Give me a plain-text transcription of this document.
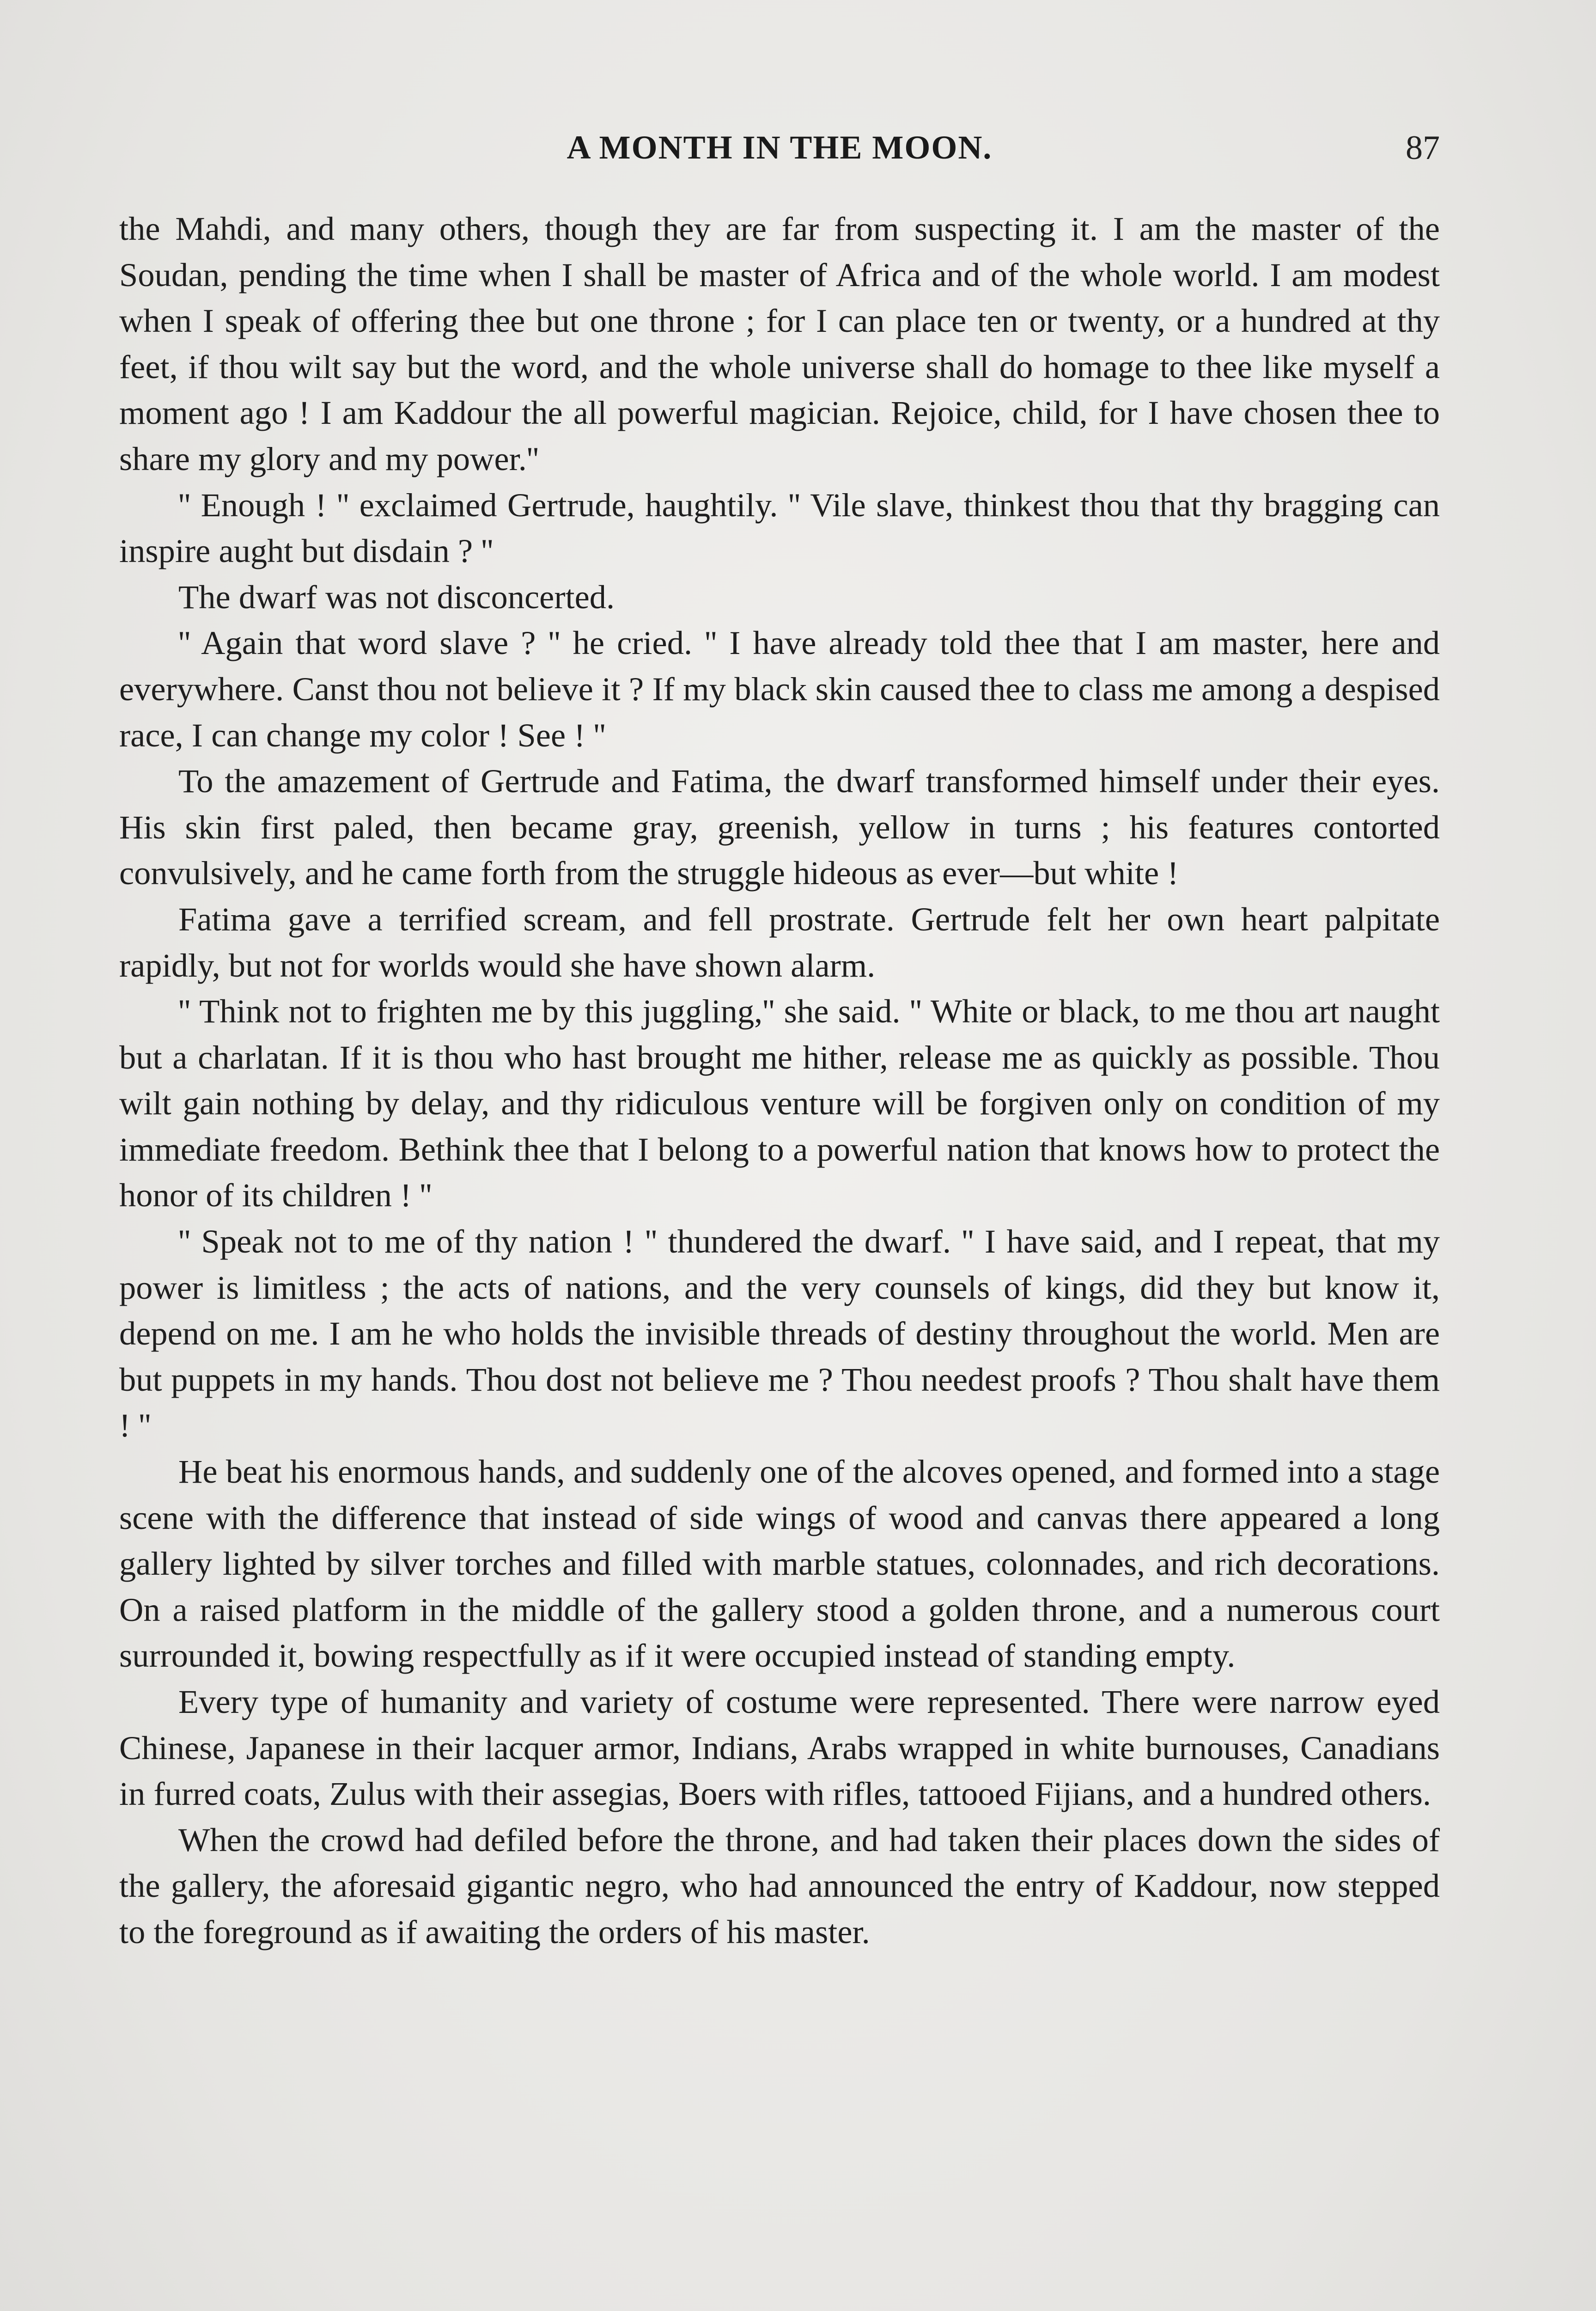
A MONTH IN THE MOON.	87

the Mahdi, and many others, though they are far from suspecting it. I am the master of the Soudan, pending the time when I shall be master of Africa and of the whole world. I am modest when I speak of offering thee but one throne ; for I can place ten or twenty, or a hundred at thy feet, if thou wilt say but the word, and the whole universe shall do homage to thee like myself a moment ago ! I am Kaddour the all powerful magician. Rejoice, child, for I have chosen thee to share my glory and my power.''

'' Enough ! '' exclaimed Gertrude, haughtily. '' Vile slave, thinkest thou that thy bragging can inspire aught but disdain ? ''

The dwarf was not disconcerted.

'' Again that word slave ? '' he cried. '' I have already told thee that I am master, here and everywhere. Canst thou not believe it ? If my black skin caused thee to class me among a despised race, I can change my color ! See ! ''

To the amazement of Gertrude and Fatima, the dwarf transformed himself under their eyes. His skin first paled, then became gray, greenish, yellow in turns ; his features contorted convulsively, and he came forth from the struggle hideous as ever—but white !

Fatima gave a terrified scream, and fell prostrate. Gertrude felt her own heart palpitate rapidly, but not for worlds would she have shown alarm.

'' Think not to frighten me by this juggling,'' she said. '' White or black, to me thou art naught but a charlatan. If it is thou who hast brought me hither, release me as quickly as possible. Thou wilt gain nothing by delay, and thy ridiculous venture will be forgiven only on condition of my immediate freedom. Bethink thee that I belong to a powerful nation that knows how to protect the honor of its children ! ''

'' Speak not to me of thy nation ! '' thundered the dwarf. '' I have said, and I repeat, that my power is limitless ; the acts of nations, and the very counsels of kings, did they but know it, depend on me. I am he who holds the invisible threads of destiny throughout the world. Men are but puppets in my hands. Thou dost not believe me ? Thou needest proofs ? Thou shalt have them ! ''

He beat his enormous hands, and suddenly one of the alcoves opened, and formed into a stage scene with the difference that instead of side wings of wood and canvas there appeared a long gallery lighted by silver torches and filled with marble statues, colonnades, and rich decorations. On a raised platform in the middle of the gallery stood a golden throne, and a numerous court surrounded it, bowing respectfully as if it were occupied instead of standing empty.

Every type of humanity and variety of costume were represented. There were narrow eyed Chinese, Japanese in their lacquer armor, Indians, Arabs wrapped in white burnouses, Canadians in furred coats, Zulus with their assegias, Boers with rifles, tattooed Fijians, and a hundred others.

When the crowd had defiled before the throne, and had taken their places down the sides of the gallery, the aforesaid gigantic negro, who had announced the entry of Kaddour, now stepped to the foreground as if awaiting the orders of his master.
